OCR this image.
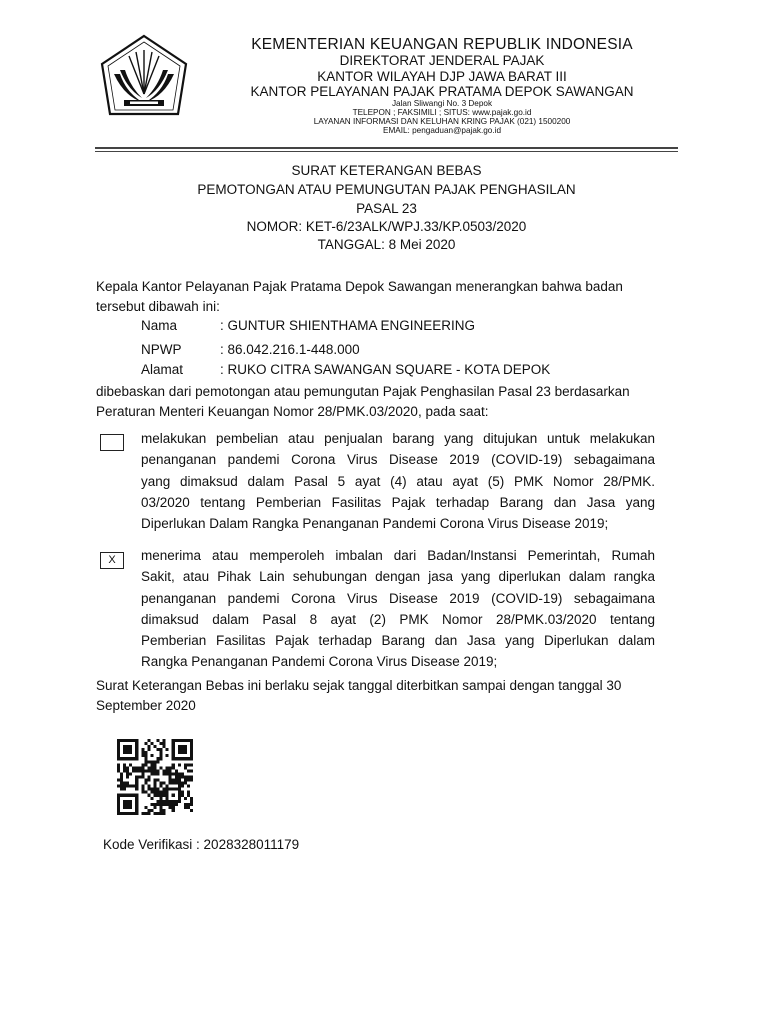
KEMENTERIAN KEUANGAN REPUBLIK INDONESIA
DIREKTORAT JENDERAL PAJAK
KANTOR WILAYAH DJP JAWA BARAT III
KANTOR PELAYANAN PAJAK PRATAMA DEPOK SAWANGAN
Jalan Sliwangi No. 3 Depok
TELEPON ; FAKSIMILI ; SITUS: www.pajak.go.id
LAYANAN INFORMASI DAN KELUHAN KRING PAJAK (021) 1500200
EMAIL: pengaduan@pajak.go.id
SURAT KETERANGAN BEBAS
PEMOTONGAN ATAU PEMUNGUTAN PAJAK PENGHASILAN
PASAL 23
NOMOR: KET-6/23ALK/WPJ.33/KP.0503/2020
TANGGAL: 8 Mei 2020
Kepala Kantor Pelayanan Pajak Pratama Depok Sawangan menerangkan bahwa badan
tersebut dibawah ini:
Nama	: GUNTUR SHIENTHAMA ENGINEERING
NPWP	: 86.042.216.1-448.000
Alamat	: RUKO CITRA SAWANGAN SQUARE - KOTA DEPOK
dibebaskan dari pemotongan atau pemungutan Pajak Penghasilan Pasal 23 berdasarkan
Peraturan Menteri Keuangan Nomor 28/PMK.03/2020, pada saat:
melakukan pembelian atau penjualan barang yang ditujukan untuk melakukan
penanganan pandemi Corona Virus Disease 2019 (COVID-19) sebagaimana
yang dimaksud dalam Pasal 5 ayat (4) atau ayat (5) PMK Nomor 28/PMK.
03/2020 tentang Pemberian Fasilitas Pajak terhadap Barang dan Jasa yang
Diperlukan Dalam Rangka Penanganan Pandemi Corona Virus Disease 2019;
X	menerima atau memperoleh imbalan dari Badan/Instansi Pemerintah, Rumah
Sakit, atau Pihak Lain sehubungan dengan jasa yang diperlukan dalam rangka
penanganan pandemi Corona Virus Disease 2019 (COVID-19) sebagaimana
dimaksud dalam Pasal 8 ayat (2) PMK Nomor 28/PMK.03/2020 tentang
Pemberian Fasilitas Pajak terhadap Barang dan Jasa yang Diperlukan dalam
Rangka Penanganan Pandemi Corona Virus Disease 2019;
Surat Keterangan Bebas ini berlaku sejak tanggal diterbitkan sampai dengan tanggal 30
September 2020
Kode Verifikasi : 2028328011179
